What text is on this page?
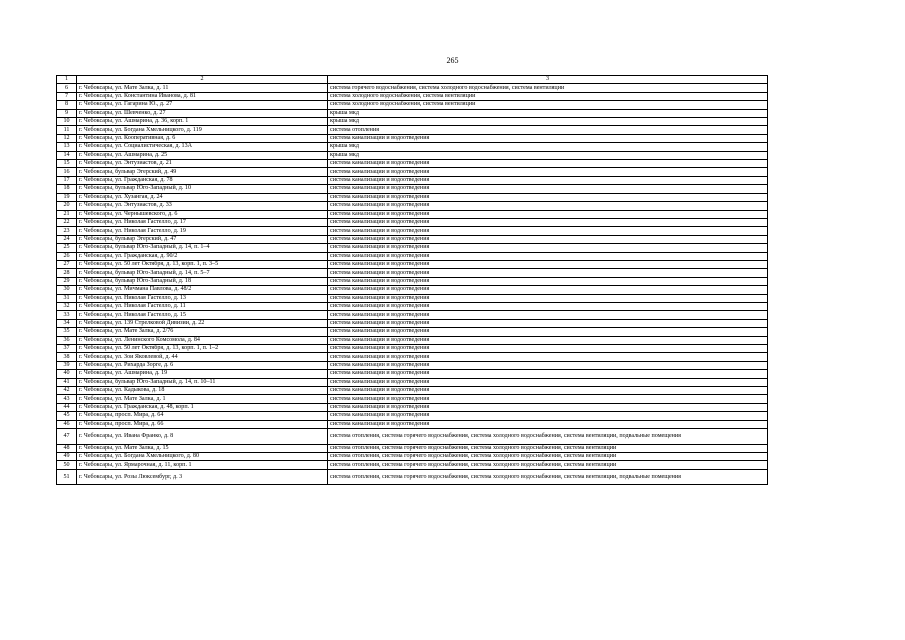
265
1	2	3
6	г. Чебоксары, ул. Мате Залка, д. 11	система горячего водоснабжения, система холодного водоснабжения, система вентиляции
7	г. Чебоксары, ул. Константина Иванова, д. 81	система холодного водоснабжения, система вентиляции
8	г. Чебоксары, ул. Гагарина Ю., д. 27	система холодного водоснабжения, система вентиляции
9	г. Чебоксары, ул. Шевченко, д. 27	крыша мкд
10	г. Чебоксары, ул. Ашмарина, д. 36, корп. 1	крыша мкд
11	г. Чебоксары, ул. Богдана Хмельницкого, д. 119	система отопления
12	г. Чебоксары, ул. Кооперативная, д. 6	система канализации и водоотведения
13	г. Чебоксары, ул. Социалистическая, д. 13А	крыша мкд
14	г. Чебоксары, ул. Ашмарина, д. 25	крыша мкд
15	г. Чебоксары, ул. Энтузиастов, д. 21	система канализации и водоотведения
16	г. Чебоксары, бульвар Эгерский, д. 49	система канализации и водоотведения
17	г. Чебоксары, ул. Гражданская, д. 78	система канализации и водоотведения
18	г. Чебоксары, бульвар Юго-Западный, д. 10	система канализации и водоотведения
19	г. Чебоксары, ул. Хузангая, д. 24	система канализации и водоотведения
20	г. Чебоксары, ул. Энтузиастов, д. 33	система канализации и водоотведения
21	г. Чебоксары, ул. Чернышевского, д. 6	система канализации и водоотведения
22	г. Чебоксары, ул. Николая Гастелло, д. 17	система канализации и водоотведения
23	г. Чебоксары, ул. Николая Гастелло, д. 19	система канализации и водоотведения
24	г. Чебоксары, бульвар Эгерский, д. 47	система канализации и водоотведения
25	г. Чебоксары, бульвар Юго-Западный, д. 14, п. 1–4	система канализации и водоотведения
26	г. Чебоксары, ул. Гражданская, д. 90/2	система канализации и водоотведения
27	г. Чебоксары, ул. 50 лет Октября, д. 13, корп. 1, п. 3–5	система канализации и водоотведения
28	г. Чебоксары, бульвар Юго-Западный, д. 14, п. 5–7	система канализации и водоотведения
29	г. Чебоксары, бульвар Юго-Западный, д. 18	система канализации и водоотведения
30	г. Чебоксары, ул. Мичмана Павлова, д. 48/2	система канализации и водоотведения
31	г. Чебоксары, ул. Николая Гастелло, д. 13	система канализации и водоотведения
32	г. Чебоксары, ул. Николая Гастелло, д. 11	система канализации и водоотведения
33	г. Чебоксары, ул. Николая Гастелло, д. 15	система канализации и водоотведения
34	г. Чебоксары, ул. 139 Стрелковой Дивизии, д. 22	система канализации и водоотведения
35	г. Чебоксары, ул. Мате Залка, д. 2/76	система канализации и водоотведения
36	г. Чебоксары, ул. Ленинского Комсомола, д. 84	система канализации и водоотведения
37	г. Чебоксары, ул. 50 лет Октября, д. 13, корп. 1, п. 1–2	система канализации и водоотведения
38	г. Чебоксары, ул. Зои Яковлевой, д. 44	система канализации и водоотведения
39	г. Чебоксары, ул. Рихарда Зорге, д. 6	система канализации и водоотведения
40	г. Чебоксары, ул. Ашмарина, д. 19	система канализации и водоотведения
41	г. Чебоксары, бульвар Юго-Западный, д. 14, п. 10–11	система канализации и водоотведения
42	г. Чебоксары, ул. Кадыкова, д. 18	система канализации и водоотведения
43	г. Чебоксары, ул. Мате Залка, д. 1	система канализации и водоотведения
44	г. Чебоксары, ул. Гражданская, д. 48, корп. 1	система канализации и водоотведения
45	г. Чебоксары, просп. Мира, д. 64	система канализации и водоотведения
46	г. Чебоксары, просп. Мира, д. 66	система канализации и водоотведения
47	г. Чебоксары, ул. Ивана Франко, д. 8	система отопления, система горячего водоснабжения, система холодного водоснабжения, система вентиляции, подвальные помещения
48	г. Чебоксары, ул. Мате Залка, д. 15	система отопления, система горячего водоснабжения, система холодного водоснабжения, система вентиляции
49	г. Чебоксары, ул. Богдана Хмельницкого, д. 80	система отопления, система горячего водоснабжения, система холодного водоснабжения, система вентиляции
50	г. Чебоксары, ул. Ярмарочная, д. 11, корп. 1	система отопления, система горячего водоснабжения, система холодного водоснабжения, система вентиляции
51	г. Чебоксары, ул. Розы Люксембург, д. 3	система отопления, система горячего водоснабжения, система холодного водоснабжения, система вентиляции, подвальные помещения
